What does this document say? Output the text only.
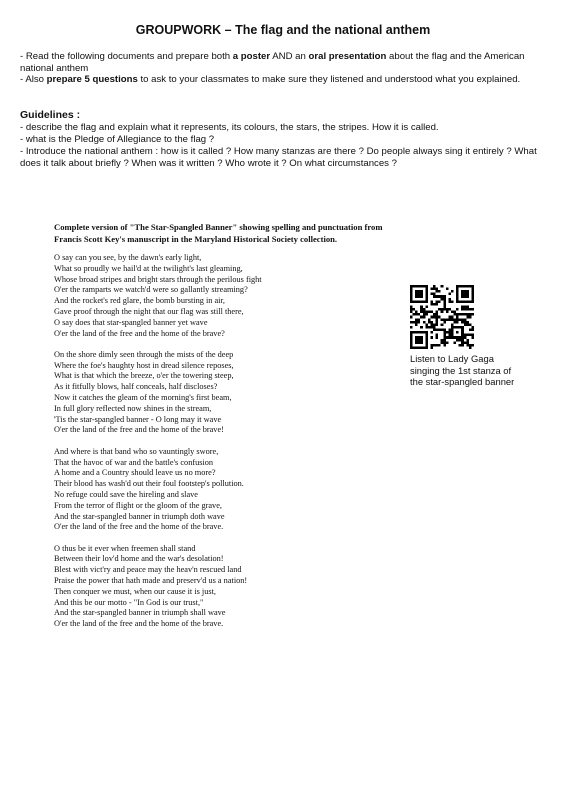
GROUPWORK – The flag and the national anthem
- Read the following documents and prepare both a poster AND an oral presentation about the flag and the American national anthem
- Also prepare 5 questions to ask to your classmates to make sure they listened and understood what you explained.
Guidelines :
- describe the flag and explain what it represents, its colours, the stars, the stripes. How it is called.
- what is the Pledge of Allegiance to the flag ?
- Introduce the national anthem : how is it called ? How many stanzas are there ? Do people always sing it entirely ? What does it talk about briefly ? When was it written ? Who wrote it ? On what circumstances ?
Complete version of "The Star-Spangled Banner" showing spelling and punctuation from Francis Scott Key's manuscript in the Maryland Historical Society collection.
O say can you see, by the dawn's early light,
What so proudly we hail'd at the twilight's last gleaming,
Whose broad stripes and bright stars through the perilous fight
O'er the ramparts we watch'd were so gallantly streaming?
And the rocket's red glare, the bomb bursting in air,
Gave proof through the night that our flag was still there,
O say does that star-spangled banner yet wave
O'er the land of the free and the home of the brave?
On the shore dimly seen through the mists of the deep
Where the foe's haughty host in dread silence reposes,
What is that which the breeze, o'er the towering steep,
As it fitfully blows, half conceals, half discloses?
Now it catches the gleam of the morning's first beam,
In full glory reflected now shines in the stream,
'Tis the star-spangled banner - O long may it wave
O'er the land of the free and the home of the brave!
And where is that band who so vauntingly swore,
That the havoc of war and the battle's confusion
A home and a Country should leave us no more?
Their blood has wash'd out their foul footstep's pollution.
No refuge could save the hireling and slave
From the terror of flight or the gloom of the grave,
And the star-spangled banner in triumph doth wave
O'er the land of the free and the home of the brave.
O thus be it ever when freemen shall stand
Between their lov'd home and the war's desolation!
Blest with vict'ry and peace may the heav'n rescued land
Praise the power that hath made and preserv'd us a nation!
Then conquer we must, when our cause it is just,
And this be our motto - "In God is our trust,"
And the star-spangled banner in triumph shall wave
O'er the land of the free and the home of the brave.
Listen to Lady Gaga singing the 1st stanza of the star-spangled banner
